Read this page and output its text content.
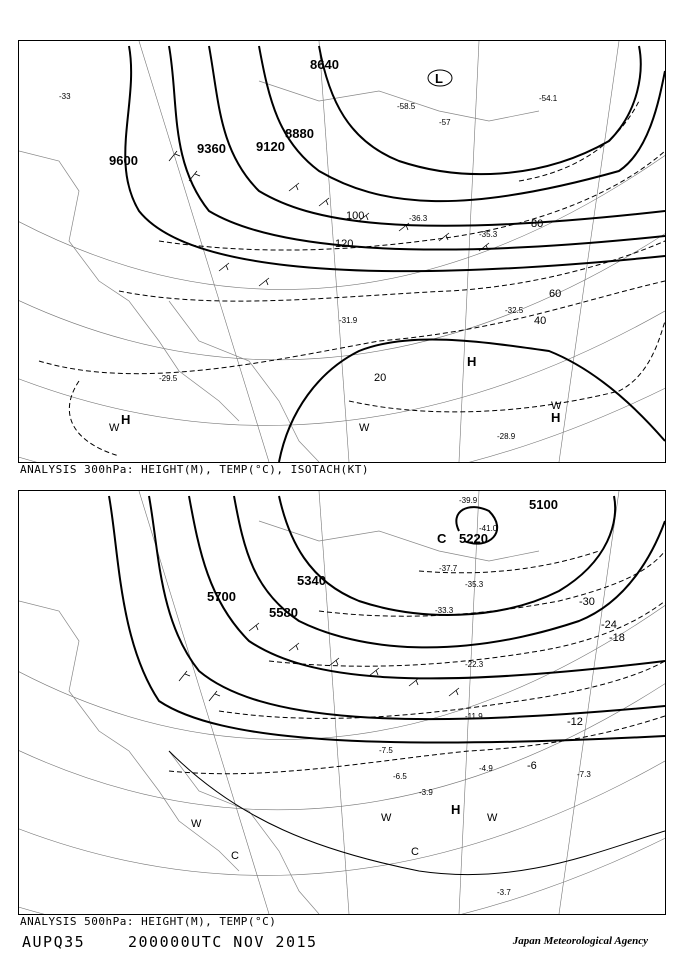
9600
9360 9120
8880
8640
20
40
60
80
100
120
-33
-36.3
-31.9
-29.5
-35.3
-32.5
-28.9
-58.5
-57
-54.1
L
H
W
H
W
W
H
ANALYSIS 300hPa: HEIGHT(M), TEMP(°C), ISOTACH(KT)
5100
5220
5340
5580
5700	-30
-24
-18
-12
-6
-37.7
-35.3
-33.3
-22.3
-11.9
-7.5
-4.9
-7.3
-3.9
-6.5
-3.7
-39.9
-41.0
C
H
W	W
W
C	C
ANALYSIS 500hPa: HEIGHT(M), TEMP(°C)
AUPQ35	200000UTC NOV 2015	Japan Meteorological Agency
